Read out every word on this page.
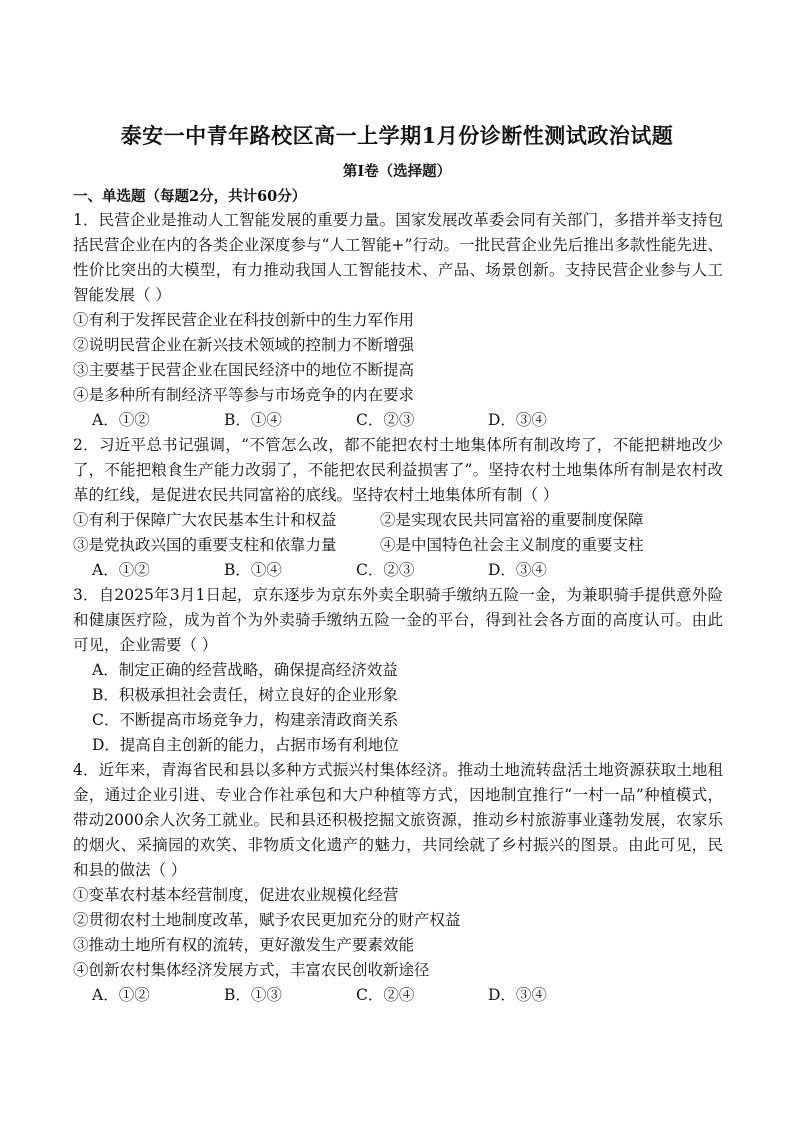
泰安一中青年路校区高一上学期1月份诊断性测试政治试题
第Ⅰ卷（选择题）
一、单选题（每题2分，共计60分）

1．民营企业是推动人工智能发展的重要力量。国家发展改革委会同有关部门，多措并举支持包括民营企业在内的各类企业深度参与“人工智能+”行动。一批民营企业先后推出多款性能先进、性价比突出的大模型，有力推动我国人工智能技术、产品、场景创新。支持民营企业参与人工智能发展（ ）

①有利于发挥民营企业在科技创新中的生力军作用

②说明民营企业在新兴技术领域的控制力不断增强

③主要基于民营企业在国民经济中的地位不断提高

④是多种所有制经济平等参与市场竞争的内在要求

A．①②	B．①④	C．②③	D．③④

2．习近平总书记强调，“不管怎么改，都不能把农村土地集体所有制改垮了，不能把耕地改少了，不能把粮食生产能力改弱了，不能把农民利益损害了”。坚持农村土地集体所有制是农村改革的红线，是促进农民共同富裕的底线。坚持农村土地集体所有制（ ）

①有利于保障广大农民基本生计和权益	②是实现农民共同富裕的重要制度保障
③是党执政兴国的重要支柱和依靠力量	④是中国特色社会主义制度的重要支柱
A．①②	B．①④	C．②③	D．③④

3．自2025年3月1日起，京东逐步为京东外卖全职骑手缴纳五险一金，为兼职骑手提供意外险和健康医疗险，成为首个为外卖骑手缴纳五险一金的平台，得到社会各方面的高度认可。由此可见，企业需要（ ）

A．制定正确的经营战略，确保提高经济效益

B．积极承担社会责任，树立良好的企业形象

C．不断提高市场竞争力，构建亲清政商关系

D．提高自主创新的能力，占据市场有利地位

4．近年来，青海省民和县以多种方式振兴村集体经济。推动土地流转盘活土地资源获取土地租金，通过企业引进、专业合作社承包和大户种植等方式，因地制宜推行“一村一品”种植模式，带动2000余人次务工就业。民和县还积极挖掘文旅资源，推动乡村旅游事业蓬勃发展，农家乐的烟火、采摘园的欢笑、非物质文化遗产的魅力，共同绘就了乡村振兴的图景。由此可见，民和县的做法（ ）

①变革农村基本经营制度，促进农业规模化经营

②贯彻农村土地制度改革，赋予农民更加充分的财产权益

③推动土地所有权的流转，更好激发生产要素效能

④创新农村集体经济发展方式，丰富农民创收新途径

A．①②	B．①③	C．②④	D．③④
